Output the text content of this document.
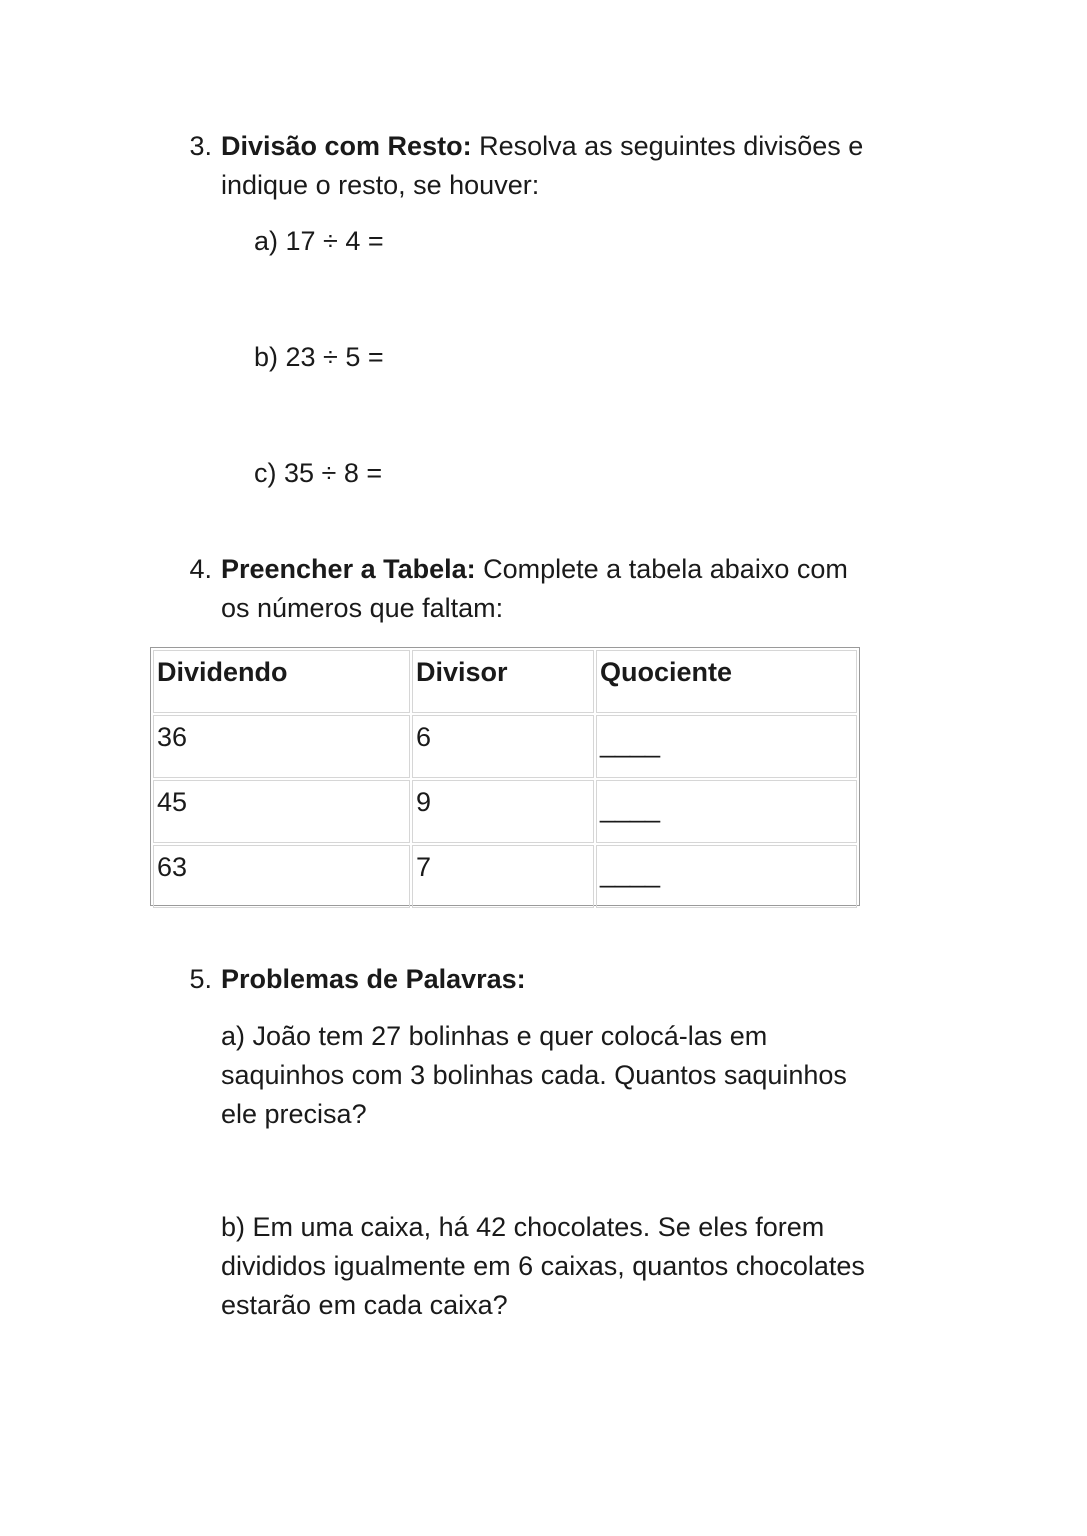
3. Divisão com Resto: Resolva as seguintes divisões e
indique o resto, se houver:
a) 17 ÷ 4 =
b) 23 ÷ 5 =
c) 35 ÷ 8 =
4. Preencher a Tabela: Complete a tabela abaixo com
os números que faltam:
Dividendo	Divisor	Quociente
36	6	____
45	9	____
63	7	____
5. Problemas de Palavras:
a) João tem 27 bolinhas e quer colocá-las em
saquinhos com 3 bolinhas cada. Quantos saquinhos
ele precisa?
b) Em uma caixa, há 42 chocolates. Se eles forem
divididos igualmente em 6 caixas, quantos chocolates
estarão em cada caixa?
